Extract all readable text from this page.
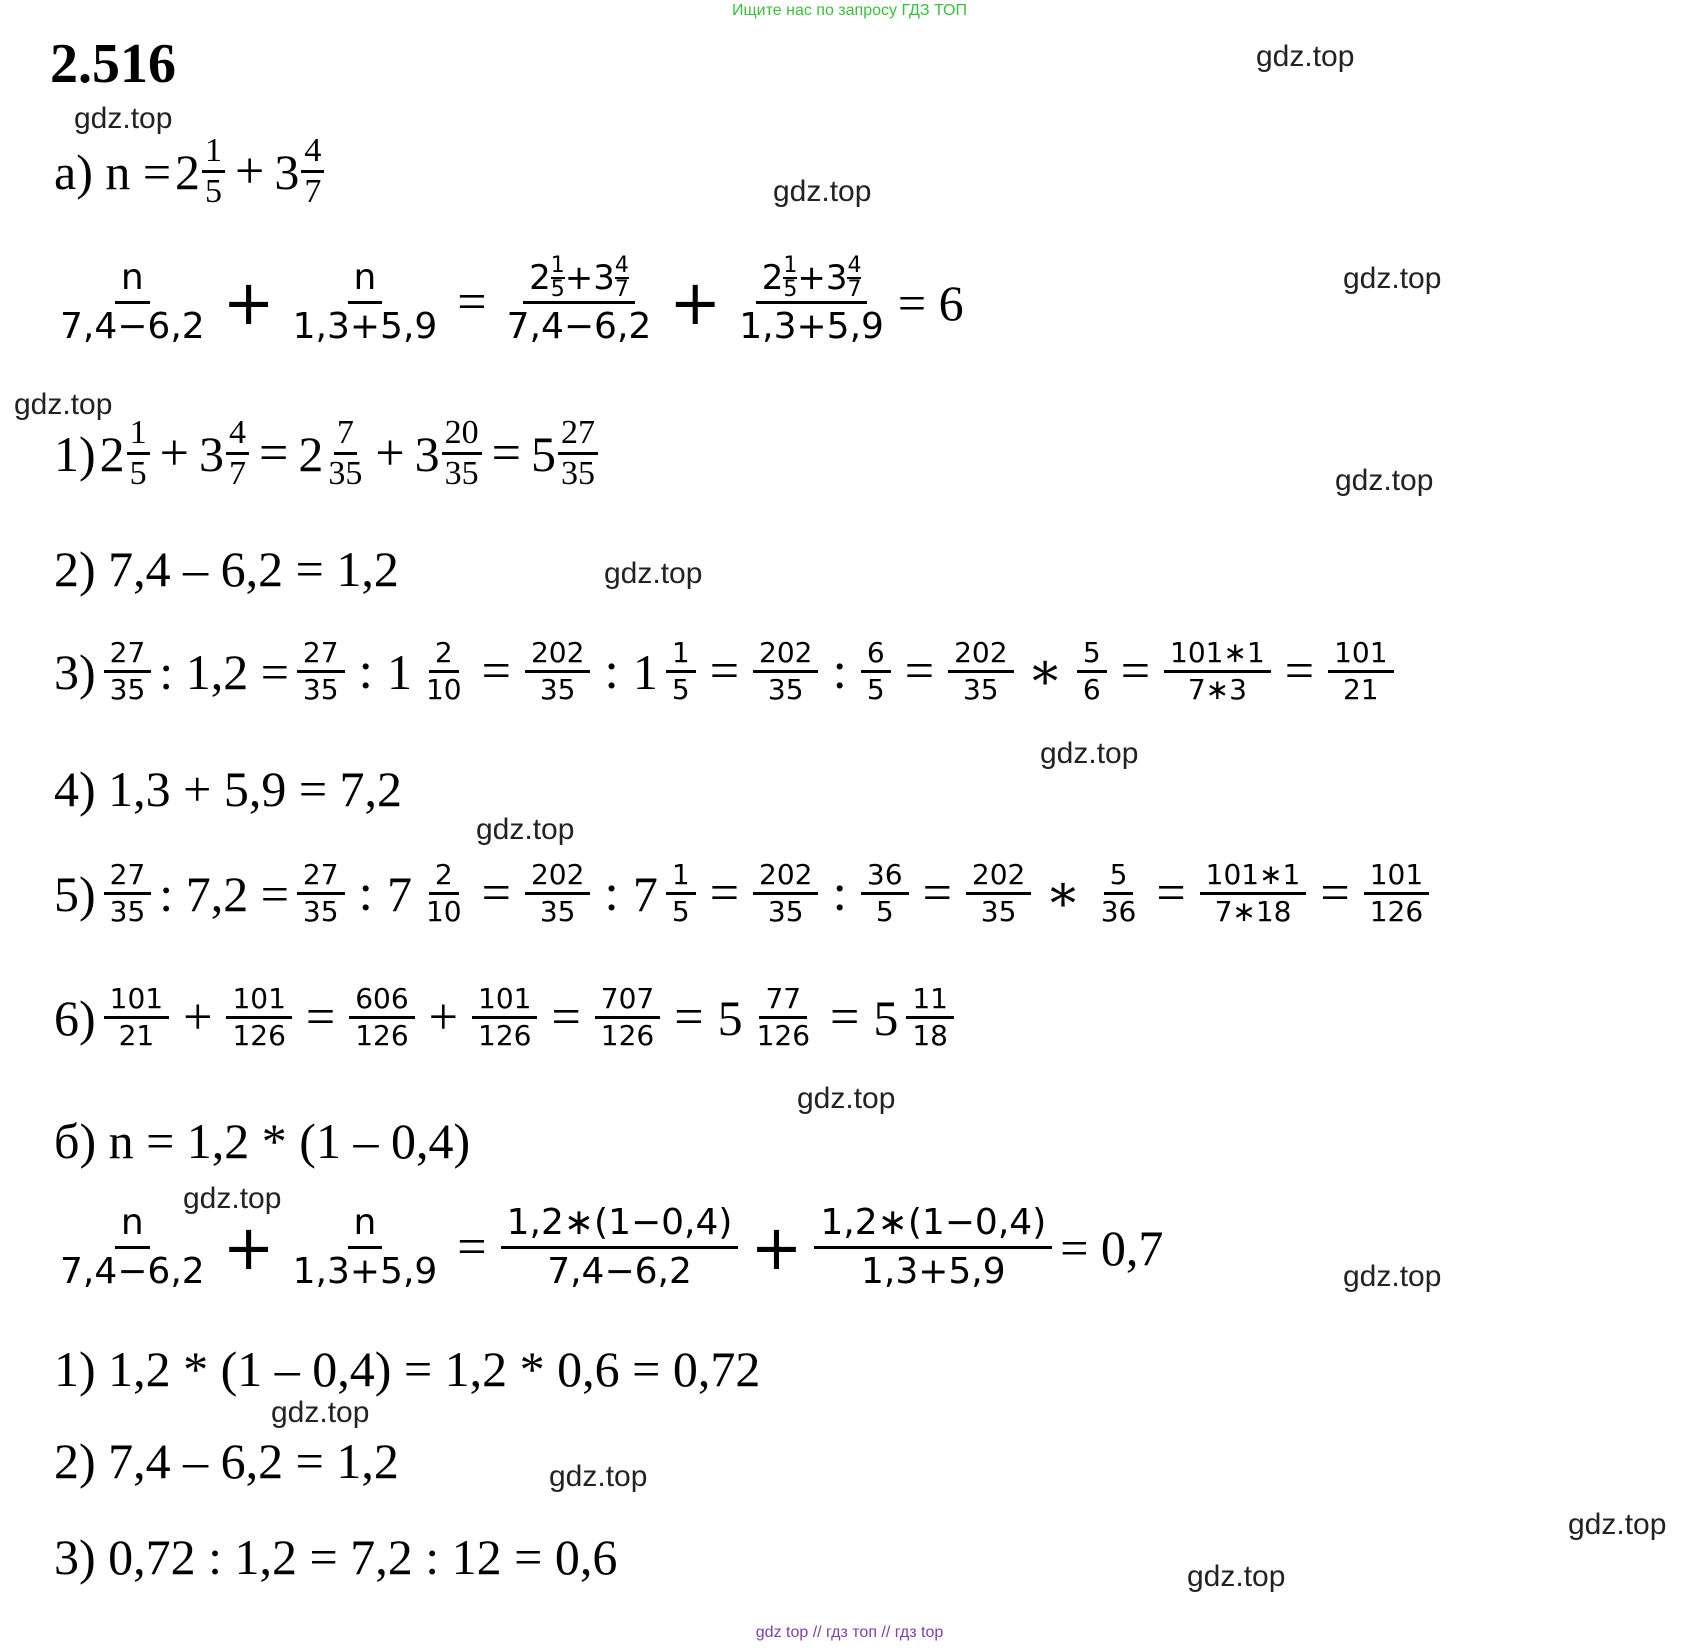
Ищите нас по запросу ГДЗ ТОП
2.516	gdz.top
gdz.top
gdz.top
gdz.top
gdz.top
gdz.top
gdz.top
gdz.top
gdz.top
gdz.top
gdz.top
gdz.top
gdz.top
gdz.top
gdz.top
gdz.top
а) $n = 2 \frac{1}{5} + 3 \frac{4}{7}$
$\frac{n}{7,4-6,2} + \frac{n}{1,3+5,9} = 2$ 1
5 + 3 4
7
7,4−6,2 + 2 1
5 + 3 4
7
1,3+5,9 = 6
1) $2 \frac{1}{5} + 3 \frac{4}{7} = 2 \frac{7}{35} + 3 \frac{20}{35} = 5 \frac{27}{35}$
2) 7,4 – 6,2 = 1,2
$3) \frac{27}{35}$ : $1,2 = \frac{27}{35}$ : $1 \frac{2}{10} = \frac{202}{35}$ : $1 \frac{1}{5} = \frac{202}{35}$ : $\frac{6}{5} = \frac{202}{35}$ ∗ $\frac{5}{6} = \frac{101∗1}{7∗3} = \frac{101}{21}$
4) 1,3 + 5,9 = 7,2
$5) \frac{27}{35}$ : $7,2 = \frac{27}{35}$ : $7 \frac{2}{10} = \frac{202}{35}$ : $7 \frac{1}{5} = \frac{202}{35}$ : $\frac{36}{5} = \frac{202}{35}$ ∗ $\frac{5}{36} = \frac{101∗1}{7∗18} = \frac{101}{126}$
$6) \frac{101}{21} + \frac{101}{126} = \frac{606}{126} + \frac{101}{126} = \frac{707}{126} = 5 \frac{77}{126} = 5 \frac{11}{18}$
б) n = 1,2 * (1 – 0,4)
$\frac{n}{7,4-6,2} + \frac{n}{1,3+5,9} = \frac{1,2∗(1-0,4)}{7,4-6,2} + \frac{1,2∗(1-0,4)}{1,3+5,9} = 0,7$
1) 1,2 * (1 – 0,4) = 1,2 * 0,6 = 0,72
2) 7,4 – 6,2 = 1,2
3) 0,72 : 1,2 = 7,2 : 12 = 0,6
gdz top // гдз топ // гдз top
